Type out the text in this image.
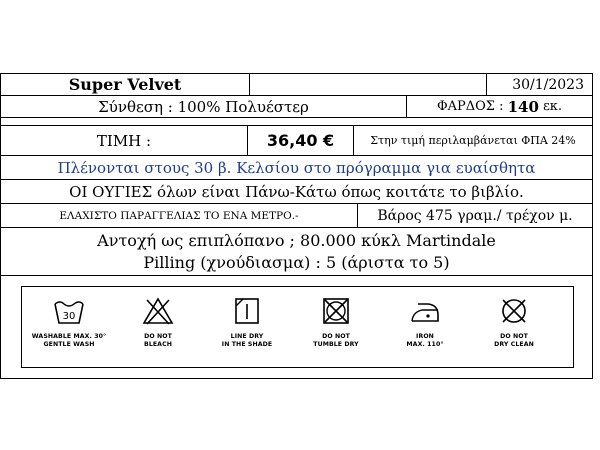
Super Velvet	30/1/2023
Σύνθεση : 100% Πολυέστερ	ΦΑΡΔΟΣ : 140 εκ.
ΤΙΜΗ :	36,40 €	Στην τιμή περιλαμβάνεται ΦΠΑ 24%
Πλένονται στους 30 β. Κελσίου στο πρόγραμμα για ευαίσθητα
ΟΙ ΟΥΓΙΕΣ όλων είναι Πάνω-Κάτω όπως κοιτάτε το βιβλίο.
ΕΛΑΧΙΣΤΟ ΠΑΡΑΓΓΕΛΙΑΣ ΤΟ ΕΝΑ ΜΕΤΡΟ.-	Βάρος 475 γραμ./ τρέχον μ.
Αντοχή ως επιπλόπανο ; 80.000 κύκλ Martindale
Pilling (χνούδιασμα) : 5 (άριστα το 5)
30
WASHABLE MAX. 30°
GENTLE WASH
DO NOT
BLEACH
LINE DRY
IN THE SHADE
DO NOT
TUMBLE DRY
IRON
MAX. 110°
DO NOT
DRY CLEAN
